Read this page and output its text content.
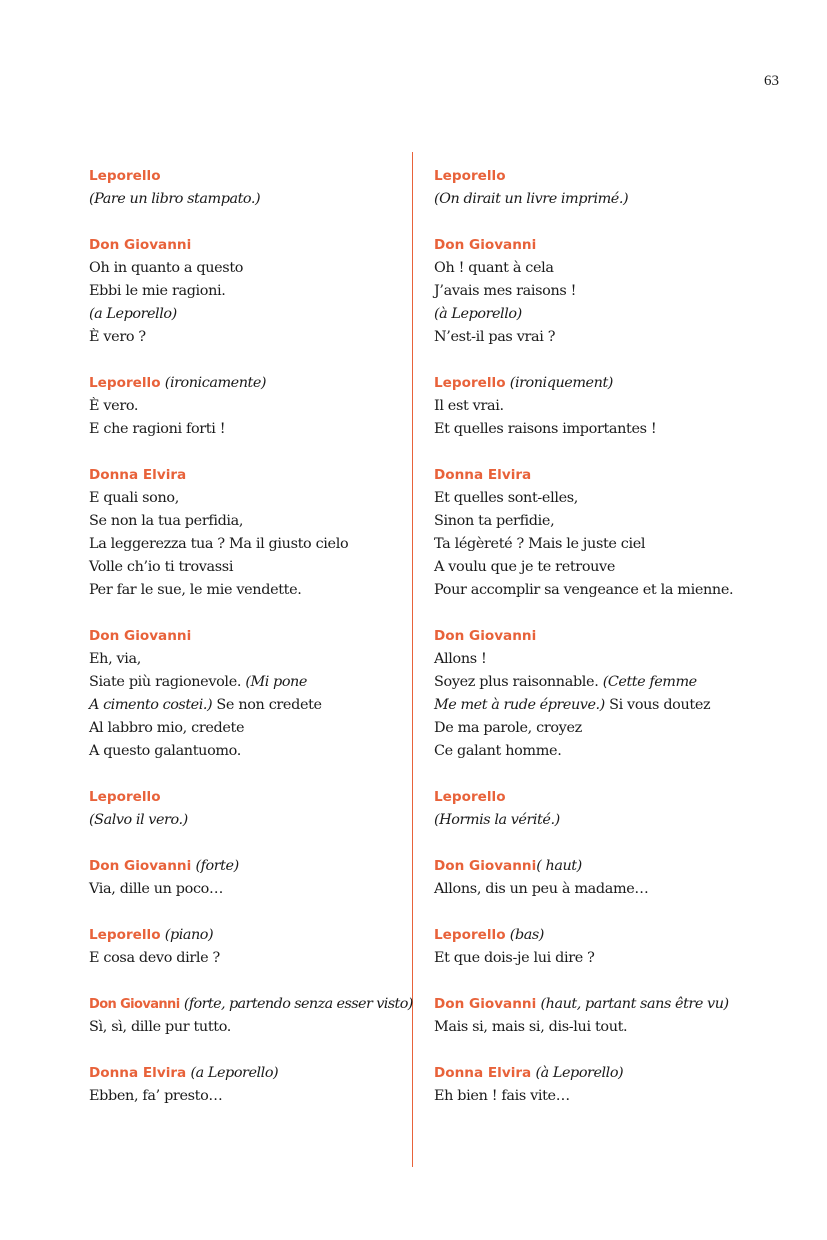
63
Leporello
(Pare un libro stampato.)
Don Giovanni
Oh in quanto a questo
Ebbi le mie ragioni.
(a Leporello)
È vero ?
Leporello (ironicamente)
È vero.
E che ragioni forti !
Donna Elvira
E quali sono,
Se non la tua perfidia,
La leggerezza tua ? Ma il giusto cielo
Volle ch’io ti trovassi
Per far le sue, le mie vendette.
Don Giovanni
Eh, via,
Siate più ragionevole. (Mi pone
A cimento costei.) Se non credete
Al labbro mio, credete
A questo galantuomo.
Leporello
(Salvo il vero.)
Don Giovanni (forte)
Via, dille un poco…
Leporello (piano)
E cosa devo dirle ?
Don Giovanni (forte, partendo senza esser visto)
Sì, sì, dille pur tutto.
Donna Elvira (a Leporello)
Ebben, fa’ presto…
Leporello
(On dirait un livre imprimé.)
Don Giovanni
Oh ! quant à cela
J’avais mes raisons !
(à Leporello)
N’est-il pas vrai ?
Leporello (ironiquement)
Il est vrai.
Et quelles raisons importantes !
Donna Elvira
Et quelles sont-elles,
Sinon ta perfidie,
Ta légèreté ? Mais le juste ciel
A voulu que je te retrouve
Pour accomplir sa vengeance et la mienne.
Don Giovanni
Allons !
Soyez plus raisonnable. (Cette femme
Me met à rude épreuve.) Si vous doutez
De ma parole, croyez
Ce galant homme.
Leporello
(Hormis la vérité.)
Don Giovanni( haut)
Allons, dis un peu à madame…
Leporello (bas)
Et que dois-je lui dire ?
Don Giovanni (haut, partant sans être vu)
Mais si, mais si, dis-lui tout.
Donna Elvira (à Leporello)
Eh bien ! fais vite…
